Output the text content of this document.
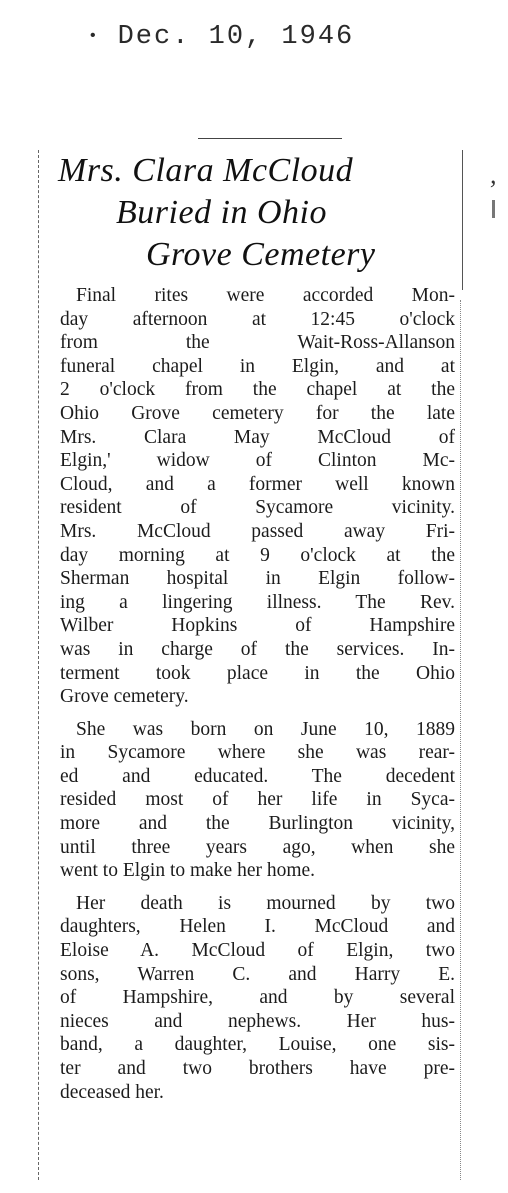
• Dec. 10, 1946
,
Mrs. Clara McCloud
Buried in Ohio
Grove Cemetery
Final rites were accorded Mon-
day afternoon at 12:45 o'clock
from the Wait-Ross-Allanson
funeral chapel in Elgin, and at
2 o'clock from the chapel at the
Ohio Grove cemetery for the late
Mrs. Clara May McCloud of
Elgin,' widow of Clinton Mc-
Cloud, and a former well known
resident of Sycamore vicinity.
Mrs. McCloud passed away Fri-
day morning at 9 o'clock at the
Sherman hospital in Elgin follow-
ing a lingering illness. The Rev.
Wilber Hopkins of Hampshire
was in charge of the services. In-
terment took place in the Ohio
Grove cemetery.
She was born on June 10, 1889
in Sycamore where she was rear-
ed and educated. The decedent
resided most of her life in Syca-
more and the Burlington vicinity,
until three years ago, when she
went to Elgin to make her home.
Her death is mourned by two
daughters, Helen I. McCloud and
Eloise A. McCloud of Elgin, two
sons, Warren C. and Harry E.
of Hampshire, and by several
nieces and nephews. Her hus-
band, a daughter, Louise, one sis-
ter and two brothers have pre-
deceased her.
